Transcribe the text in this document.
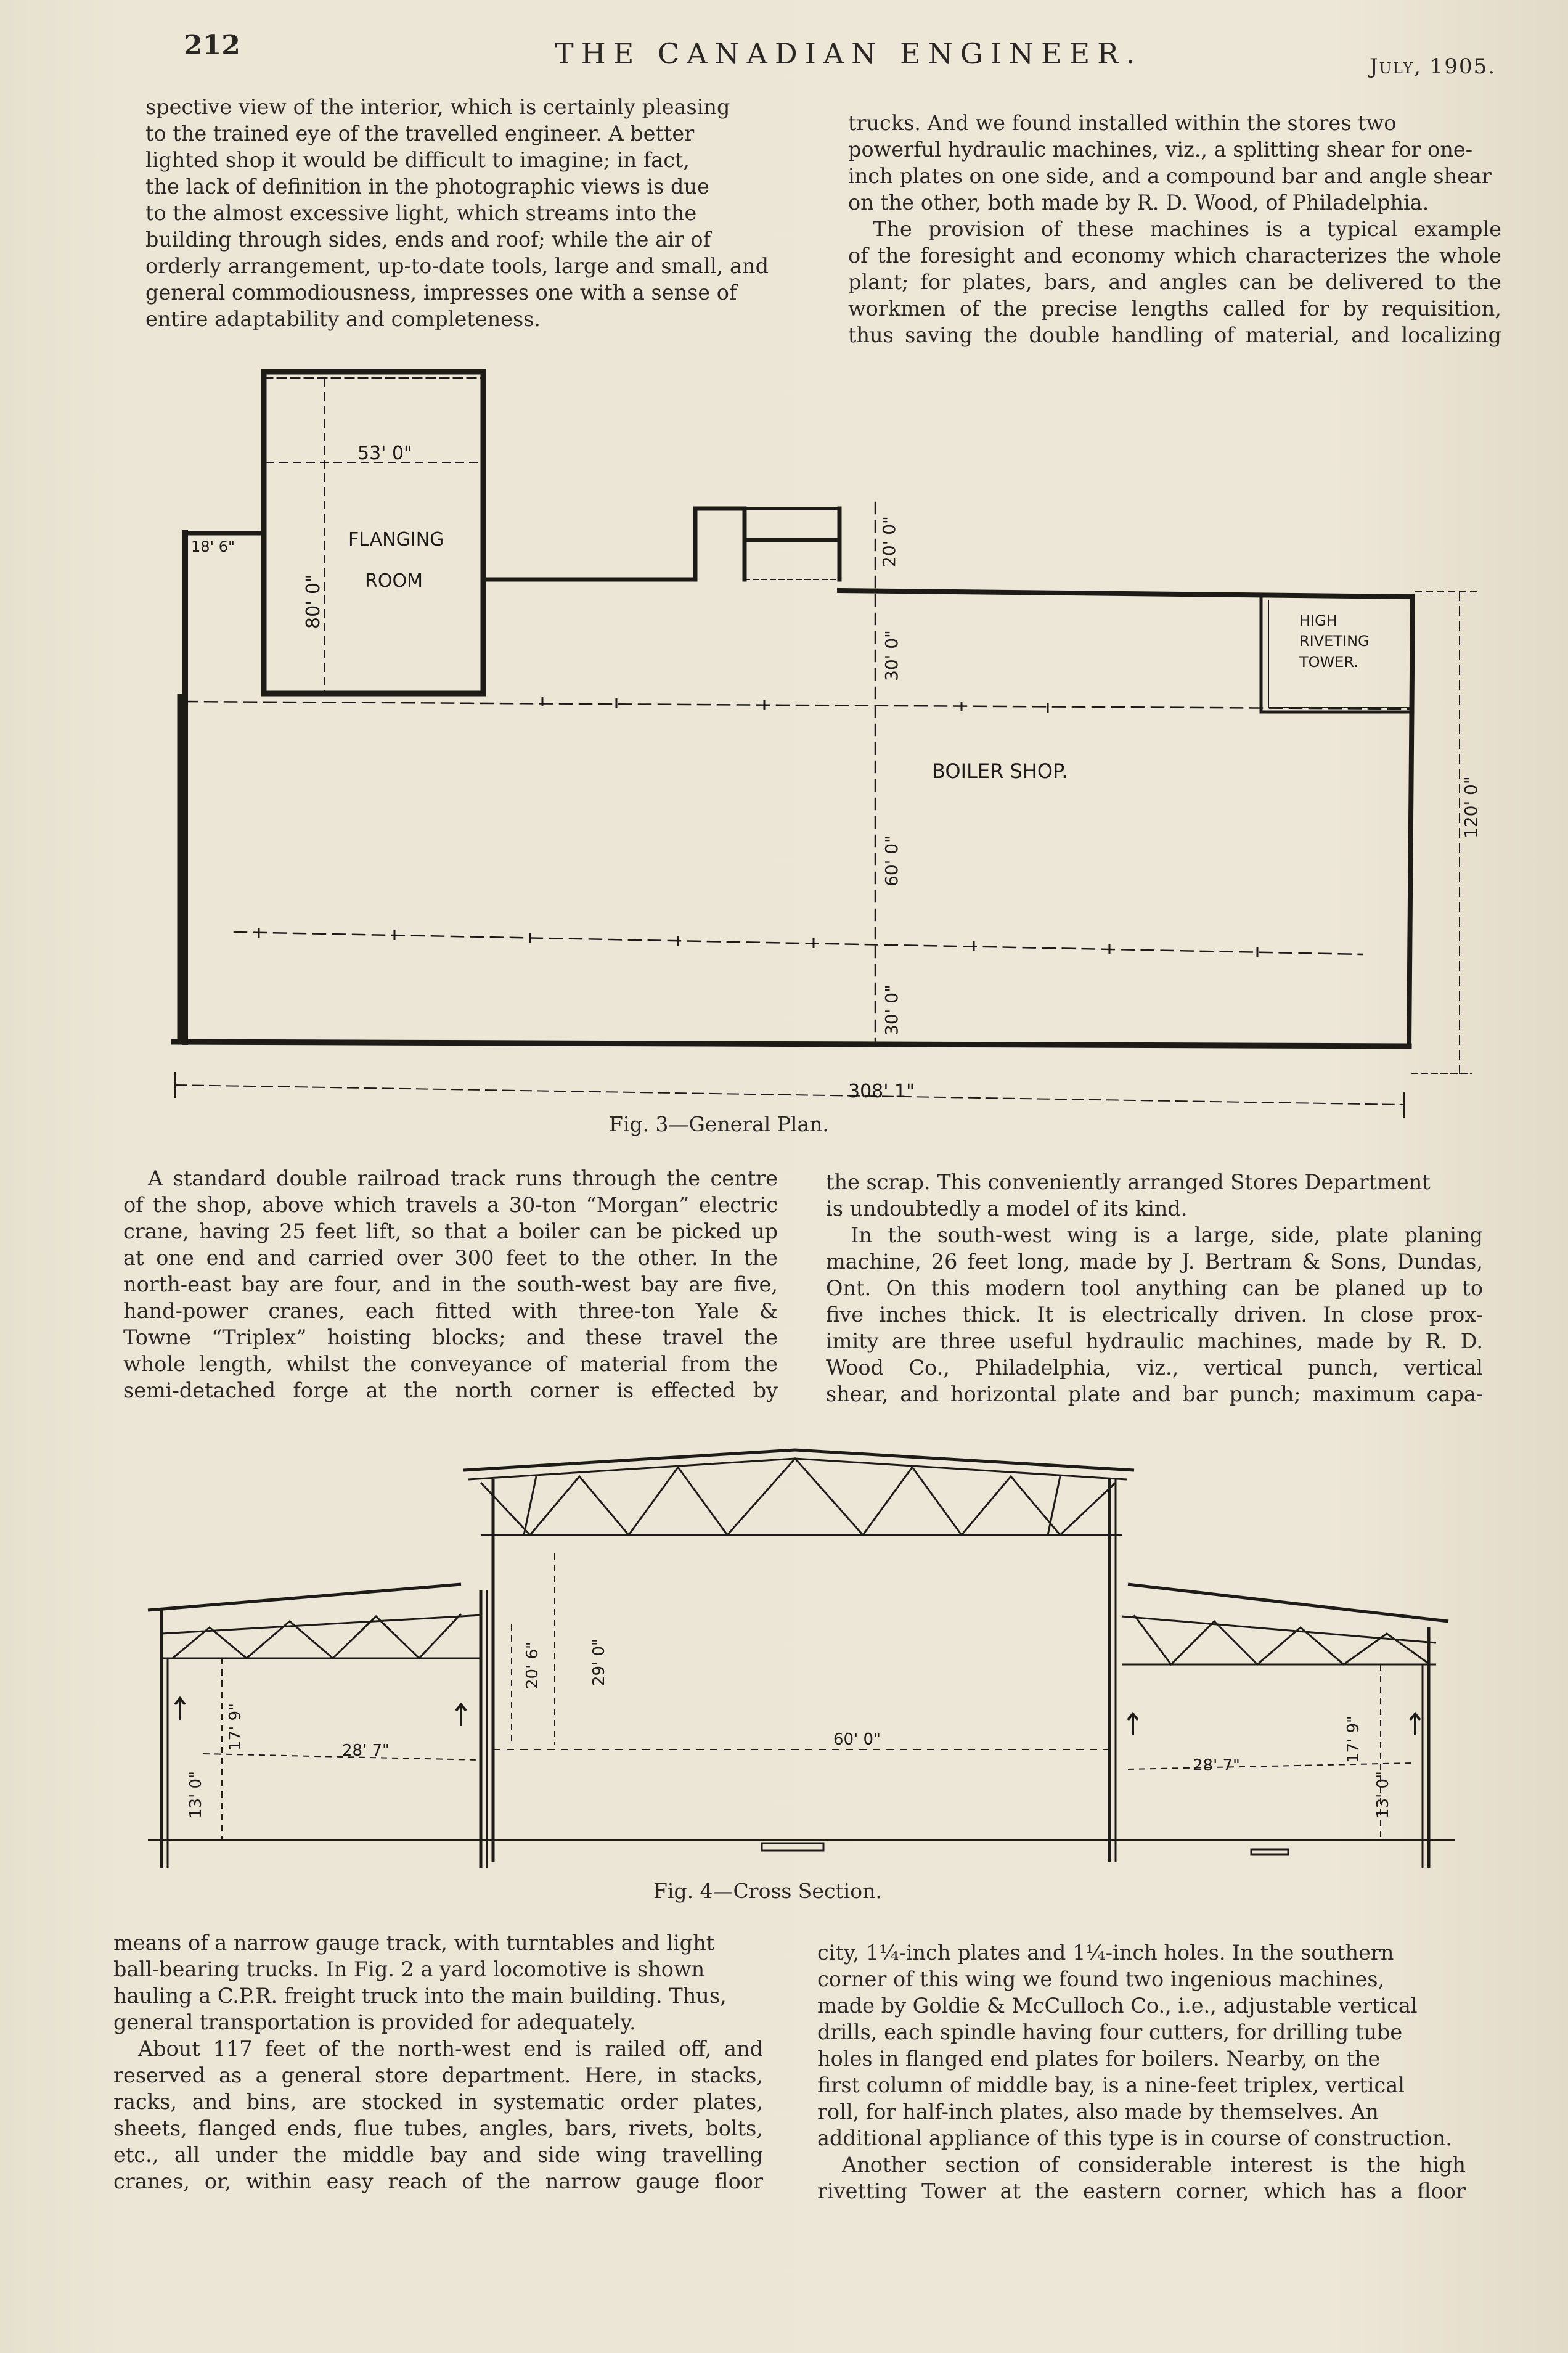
212	THE CANADIAN ENGINEER.	July, 1905.

spective view of the interior, which is certainly pleasing
to the trained eye of the travelled engineer. A better
lighted shop it would be difficult to imagine; in fact,
the lack of definition in the photographic views is due
to the almost excessive light, which streams into the
building through sides, ends and roof; while the air of
orderly arrangement, up-to-date tools, large and small, and
general commodiousness, impresses one with a sense of
entire adaptability and completeness.

trucks. And we found installed within the stores two
powerful hydraulic machines, viz., a splitting shear for one-
inch plates on one side, and a compound bar and angle shear
on the other, both made by R. D. Wood, of Philadelphia.

The provision of these machines is a typical example
of the foresight and economy which characterizes the whole
plant; for plates, bars, and angles can be delivered to the
workmen of the precise lengths called for by requisition,
thus saving the double handling of material, and localizing

FLANGING
ROOM
BOILER SHOP.
HIGH
RIVETING
TOWER.
53' 0"
18' 6"
80' 0"
20' 0"
30' 0"
60' 0"
30' 0"
120' 0"
308' 1"
Fig. 3—General Plan.

A standard double railroad track runs through the centre
of the shop, above which travels a 30-ton “Morgan” electric
crane, having 25 feet lift, so that a boiler can be picked up
at one end and carried over 300 feet to the other. In the
north-east bay are four, and in the south-west bay are five,
hand-power cranes, each fitted with three-ton Yale &
Towne “Triplex” hoisting blocks; and these travel the
whole length, whilst the conveyance of material from the
semi-detached forge at the north corner is effected by

the scrap. This conveniently arranged Stores Department
is undoubtedly a model of its kind.

In the south-west wing is a large, side, plate planing
machine, 26 feet long, made by J. Bertram & Sons, Dundas,
Ont. On this modern tool anything can be planed up to
five inches thick. It is electrically driven. In close prox-
imity are three useful hydraulic machines, made by R. D.
Wood Co., Philadelphia, viz., vertical punch, vertical
shear, and horizontal plate and bar punch; maximum capa-

20' 6"	29' 0"
60' 0"
28' 7"
28' 7"
17' 9"	17' 9"
13' 0"	13' 0"
Fig. 4—Cross Section.

means of a narrow gauge track, with turntables and light
ball-bearing trucks. In Fig. 2 a yard locomotive is shown
hauling a C.P.R. freight truck into the main building. Thus,
general transportation is provided for adequately.

About 117 feet of the north-west end is railed off, and
reserved as a general store department. Here, in stacks,
racks, and bins, are stocked in systematic order plates,
sheets, flanged ends, flue tubes, angles, bars, rivets, bolts,
etc., all under the middle bay and side wing travelling
cranes, or, within easy reach of the narrow gauge floor

city, 1¼-inch plates and 1¼-inch holes. In the southern
corner of this wing we found two ingenious machines,
made by Goldie & McCulloch Co., i.e., adjustable vertical
drills, each spindle having four cutters, for drilling tube
holes in flanged end plates for boilers. Nearby, on the
first column of middle bay, is a nine-feet triplex, vertical
roll, for half-inch plates, also made by themselves. An
additional appliance of this type is in course of construction.

Another section of considerable interest is the high
rivetting Tower at the eastern corner, which has a floor
